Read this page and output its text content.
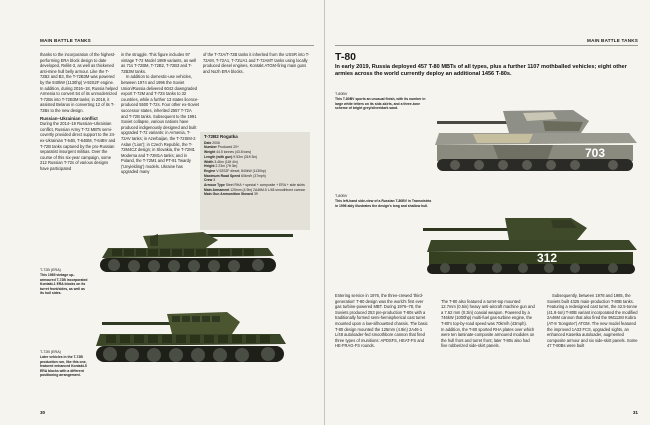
MAIN BATTLE TANKS

thanks to the incorporation of the highest-performing ERA block design to date developed, Relikt-3, as well as thickened anti-mine hull belly armour. Like the T-72B2 and B3, the T-72B3M was powered by the 840kW (1130hp) V-92S2F engine. In addition, during 2016–18, Russia helped Armenia to convert 54 of its unmodernized T-72Bs into T-72B3M tanks; in 2018, it assisted Belarus in converting 12 of its T-72Bs to the new design.

Russian–Ukrainian conflict

During the 2014–19 Russian–Ukrainian conflict, Russian Army T-72 MBTs semi-covertly provided direct support to the 24-ex-Ukrainian T-64B, T-64BM, T-64BV and T-72B tanks captured by the pro-Russian separatist insurgent militias. Over the course of this six-year campaign, some 212 Russian T-72s of various designs have participated

in the struggle. This figure includes 97 vintage T-72 Model 1989 variants, as well as 71s T-72BM, T-72B2, T-72B3 and T-72B3M tanks.

In addition to domestic-use vehicles, between 1974 and 1996 the Soviet Union/Russia delivered 6042 downgraded export T-72M and T-72S tanks to 32 countries, while a further 13 states licence-produced 5500 T-72s. Four other ex-Soviet successor states, inherited 2557 T-72A and T-72B tanks. Subsequent to the 1991 Soviet collapse, various nations have produced indigenously designed and built upgraded T-72 variants: in Armenia, T-72AV tanks; in Azerbaijan, the T-72SIM-2 Aslan ('Lion'); in Czech Republic, the T-72M4CZ design; in Slovakia, the T-72M1 Moderna and T-72M1A tanks; and in Poland, the T-72M1 and PT-91 Twardy ('Unyielding') models. Ukraine has upgraded many

of the T-72A/T-72B tanks it inherited from the USSR into T-72AM, T-72A1, T-72UA1 and T-72AMT tanks using locally produced diesel engines, Kontakt ATGM-firing main guns and Nozh ERA blocks.

T-72B2 Rogatka
Date 2006
Number Produced 20+
Weight 44.5 tonnes (43.8 tons)
Length (with gun) 9.53m (31ft 3in)
Width 3.46m (11ft 4in)
Height 2.23m (7ft 3in)
Engine V-92S2F diesel; 840kW (1130hp)
Maximum Road Speed 60km/h (37mph)
Crew 3
Armour Type Steel RHA + special + composite + ERA + side skirts
Main Armament 125mm (4.9in) 2A46M-5 L/48 smoothbore cannon
Main Gun Ammunition Stowed 39
T-72B (ERA)
This 1985 vintage up-armoured T-72B incorporated Kontakt-1 ERA blocks on its turret front/sides, as well as its hull sides.
T-72B (ERA)
Later vehicles in the T-72B production run, like this one, featured enhanced Kontakt-5 ERA blocks with a different positioning arrangement.
30
MAIN BATTLE TANKS
T-80
In early 2019, Russia deployed 457 T-80 MBTs of all types, plus a further 1107 mothballed vehicles; eight other armies across the world currently deploy an additional 1456 T-80s.
T-80BV
This T-80BV sports an unusual finish, with its number in large white letters on its side-skirts, and a three-tone scheme of bright grey/silver/dark sand.
703
T-80BV
This left-hand side-view of a Russian T-80BV in Transnistria in 1996 ably illustrates the design's long and shallow hull.
312

Entering service in 1976, the three-crewed 'third-generation' T-80 design was the world's first ever gas turbine-powered MBT. During 1976–78, the Soviets produced 253 pre-production T-80s with a traditionally formed semi-hemispherical cast turret mounted upon a low-silhouetted chassis. The basic T-80 design mounted the 125mm (4.9in) 2A46-1 L/48 autoloader-fed smoothbore cannon that fired three types of munitions: APDSFS, HEAT-FS and HE-FRAG-FS rounds.

The T-80 also featured a turret-top mounted 12.7mm (0.5in) heavy anti-aircraft machine gun and a 7.62 mm (0.3in) coaxial weapon. Powered by a 746kW (1000hp) multi-fuel gas-turbine engine, the T-80's top-by-road speed was 70km/h (43mph).
In addition, the T-80 sported RHA plates over which were ten laminate-composite armoured modules on the hull front and turret front; later T-80s also had five rubberized side-skirt panels.

Subsequently, between 1978 and 1985, the Soviets built 4325 main-production T-80B tanks. Featuring a redesigned cast turret, the 42.5-tonne (41.8-ton) T-80B variant incorporated the modified 2A46M cannon that also fired the 9M112M Kobra (AT-8 'Songster') ATGM. The new model featured the improved 1A33 FCS, upgraded sights, an enhanced Kasetka autoloader, augmented composite armour and six side-skirt panels. Some 47 T-80Bs were built

31
